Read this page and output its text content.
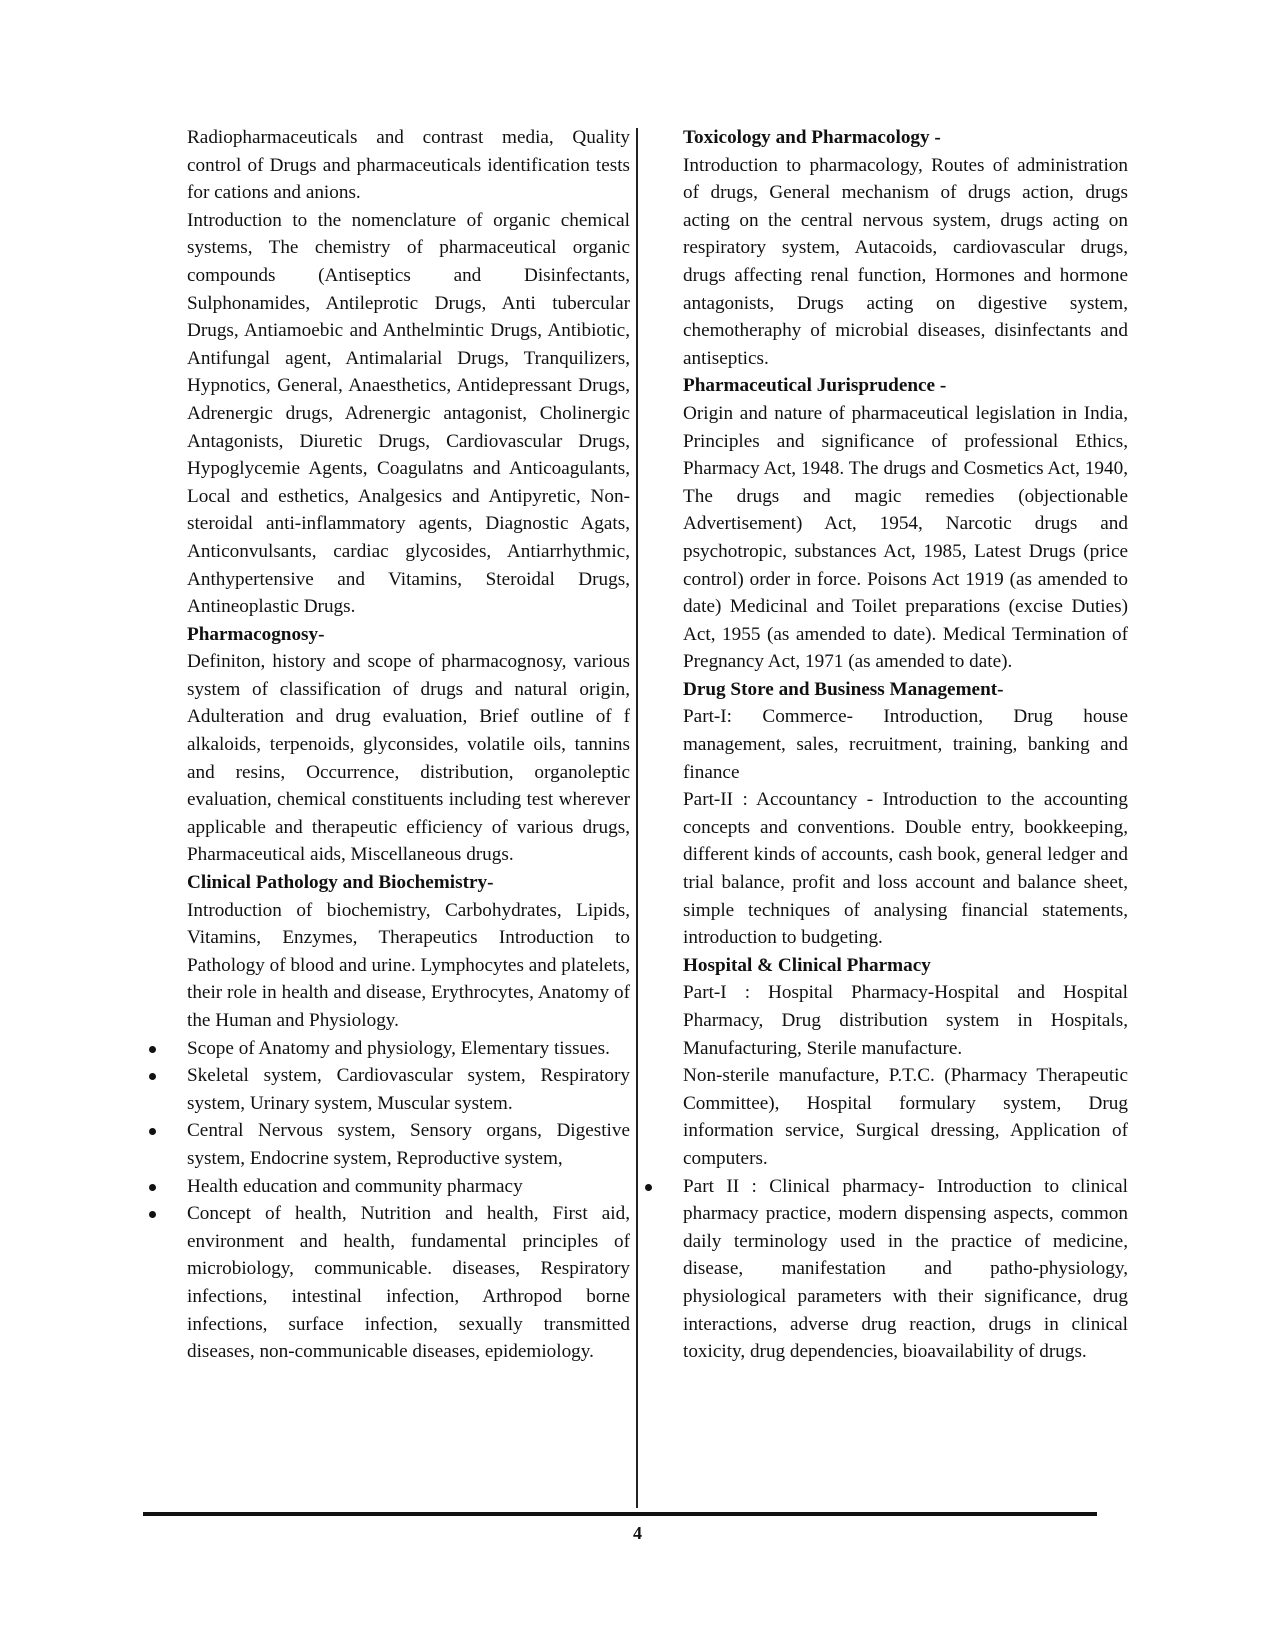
Radiopharmaceuticals and contrast media, Quality control of Drugs and pharmaceuticals identification tests for cations and anions.

Introduction to the nomenclature of organic chemical systems, The chemistry of pharmaceutical organic compounds (Antiseptics and Disinfectants, Sulphonamides, Antileprotic Drugs, Anti tubercular Drugs, Antiamoebic and Anthelmintic Drugs, Antibiotic, Antifungal agent, Antimalarial Drugs, Tranquilizers, Hypnotics, General, Anaesthetics, Antidepressant Drugs, Adrenergic drugs, Adrenergic antagonist, Cholinergic Antagonists, Diuretic Drugs, Cardiovascular Drugs, Hypoglycemie Agents, Coagulatns and Anticoagulants, Local and esthetics, Analgesics and Antipyretic, Non-steroidal anti-inflammatory agents, Diagnostic Agats, Anticonvulsants, cardiac glycosides, Antiarrhythmic, Anthypertensive and Vitamins, Steroidal Drugs, Antineoplastic Drugs.

Pharmacognosy-

Definiton, history and scope of pharmacognosy, various system of classification of drugs and natural origin, Adulteration and drug evaluation, Brief outline of f alkaloids, terpenoids, glyconsides, volatile oils, tannins and resins, Occurrence, distribution, organoleptic evaluation, chemical constituents including test wherever applicable and therapeutic efficiency of various drugs, Pharmaceutical aids, Miscellaneous drugs.

Clinical Pathology and Biochemistry-

Introduction of biochemistry, Carbohydrates, Lipids, Vitamins, Enzymes, Therapeutics Introduction to Pathology of blood and urine. Lymphocytes and platelets, their role in health and disease, Erythrocytes, Anatomy of the Human and Physiology.

Scope of Anatomy and physiology, Elementary tissues.

Skeletal system, Cardiovascular system, Respiratory system, Urinary system, Muscular system.

Central Nervous system, Sensory organs, Digestive system, Endocrine system, Reproductive system,

Health education and community pharmacy

Concept of health, Nutrition and health, First aid, environment and health, fundamental principles of microbiology, communicable. diseases, Respiratory infections, intestinal infection, Arthropod borne infections, surface infection, sexually transmitted diseases, non-communicable diseases, epidemiology.

Toxicology and Pharmacology -

Introduction to pharmacology, Routes of administration of drugs, General mechanism of drugs action, drugs acting on the central nervous system, drugs acting on respiratory system, Autacoids, cardiovascular drugs, drugs affecting renal function, Hormones and hormone antagonists, Drugs acting on digestive system, chemotheraphy of microbial diseases, disinfectants and antiseptics.

Pharmaceutical Jurisprudence -

Origin and nature of pharmaceutical legislation in India, Principles and significance of professional Ethics, Pharmacy Act, 1948. The drugs and Cosmetics Act, 1940, The drugs and magic remedies (objectionable Advertisement) Act, 1954, Narcotic drugs and psychotropic, substances Act, 1985, Latest Drugs (price control) order in force. Poisons Act 1919 (as amended to date) Medicinal and Toilet preparations (excise Duties) Act, 1955 (as amended to date). Medical Termination of Pregnancy Act, 1971 (as amended to date).

Drug Store and Business Management-

Part-I: Commerce- Introduction, Drug house management, sales, recruitment, training, banking and finance

Part-II : Accountancy - Introduction to the accounting concepts and conventions. Double entry, bookkeeping, different kinds of accounts, cash book, general ledger and trial balance, profit and loss account and balance sheet, simple techniques of analysing financial statements, introduction to budgeting.

Hospital & Clinical Pharmacy

Part-I : Hospital Pharmacy-Hospital and Hospital Pharmacy, Drug distribution system in Hospitals, Manufacturing, Sterile manufacture.

Non-sterile manufacture, P.T.C. (Pharmacy Therapeutic Committee), Hospital formulary system, Drug information service, Surgical dressing, Application of computers.

Part II : Clinical pharmacy- Introduction to clinical pharmacy practice, modern dispensing aspects, common daily terminology used in the practice of medicine, disease, manifestation and patho-physiology, physiological parameters with their significance, drug interactions, adverse drug reaction, drugs in clinical toxicity, drug dependencies, bioavailability of drugs.

4
